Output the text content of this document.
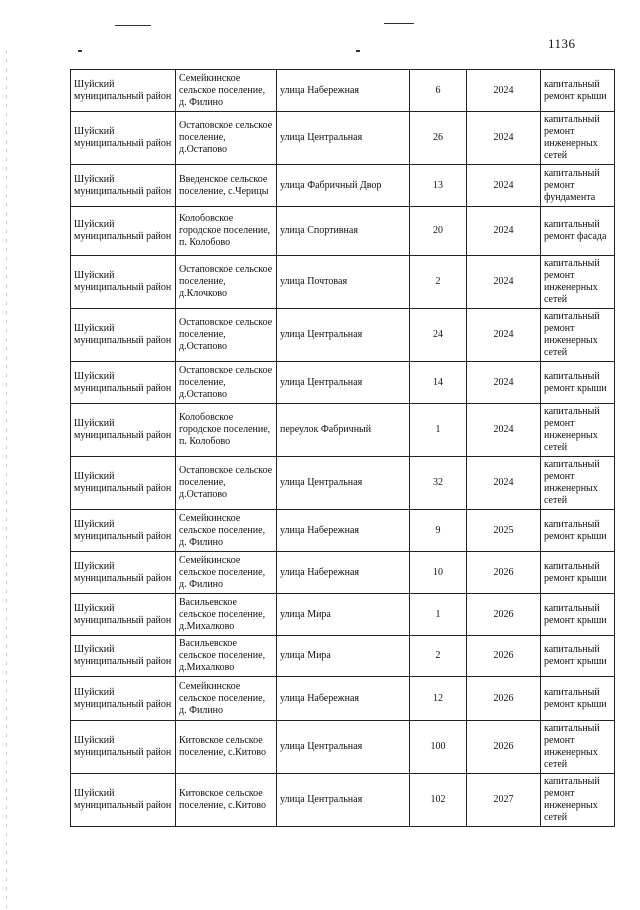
1136
Шуйский муниципальный район	Семейкинское сельское поселение, д. Филино	улица Набережная	6	2024	капитальный ремонт крыши
Шуйский муниципальный район	Остаповское сельское поселение, д.Остапово	улица Центральная	26	2024	капитальный ремонт инженерных сетей
Шуйский муниципальный район	Введенское сельское поселение, с.Черицы	улица Фабричный Двор	13	2024	капитальный ремонт фундамента
Шуйский муниципальный район	Колобовское городское поселение, п. Колобово	улица Спортивная	20	2024	капитальный ремонт фасада
Шуйский муниципальный район	Остаповское сельское поселение, д.Клочково	улица Почтовая	2	2024	капитальный ремонт инженерных сетей
Шуйский муниципальный район	Остаповское сельское поселение, д.Остапово	улица Центральная	24	2024	капитальный ремонт инженерных сетей
Шуйский муниципальный район	Остаповское сельское поселение, д.Остапово	улица Центральная	14	2024	капитальный ремонт крыши
Шуйский муниципальный район	Колобовское городское поселение, п. Колобово	переулок Фабричный	1	2024	капитальный ремонт инженерных сетей
Шуйский муниципальный район	Остаповское сельское поселение, д.Остапово	улица Центральная	32	2024	капитальный ремонт инженерных сетей
Шуйский муниципальный район	Семейкинское сельское поселение, д. Филино	улица Набережная	9	2025	капитальный ремонт крыши
Шуйский муниципальный район	Семейкинское сельское поселение, д. Филино	улица Набережная	10	2026	капитальный ремонт крыши
Шуйский муниципальный район	Васильевское сельское поселение, д.Михалково	улица Мира	1	2026	капитальный ремонт крыши
Шуйский муниципальный район	Васильевское сельское поселение, д.Михалково	улица Мира	2	2026	капитальный ремонт крыши
Шуйский муниципальный район	Семейкинское сельское поселение, д. Филино	улица Набережная	12	2026	капитальный ремонт крыши
Шуйский муниципальный район	Китовское сельское поселение, с.Китово	улица Центральная	100	2026	капитальный ремонт инженерных сетей
Шуйский муниципальный район	Китовское сельское поселение, с.Китово	улица Центральная	102	2027	капитальный ремонт инженерных сетей
